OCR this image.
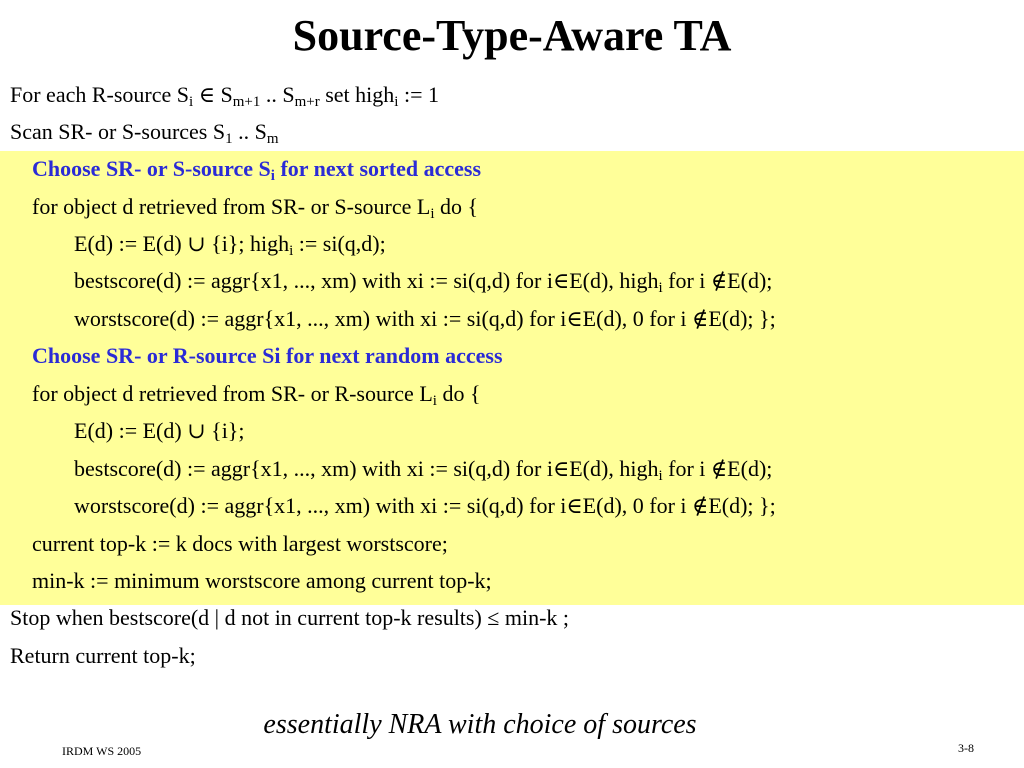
Source-Type-Aware TA
For each R-source $S_i$ ∈ $S_{m+1}$ .. $S_{m+r}$ set high$_i$ := 1
Scan SR- or S-sources $S_1$ .. $S_m$
Choose SR- or S-source $S_i$ for next sorted access
for object d retrieved from SR- or S-source $L_i$ do {
E(d) := E(d) ∪ {i}; high$_i$ := si(q,d);
bestscore(d) := aggr{x1, ..., xm) with xi := si(q,d) for i∈E(d), high$_i$ for i ∉E(d);
worstscore(d) := aggr{x1, ..., xm) with xi := si(q,d) for i∈E(d), 0 for i ∉E(d); };
Choose SR- or R-source Si for next random access
for object d retrieved from SR- or R-source $L_i$ do {
E(d) := E(d) ∪ {i};
bestscore(d) := aggr{x1, ..., xm) with xi := si(q,d) for i∈E(d), high$_i$ for i ∉E(d);
worstscore(d) := aggr{x1, ..., xm) with xi := si(q,d) for i∈E(d), 0 for i ∉E(d); };
current top-k := k docs with largest worstscore;
min-k := minimum worstscore among current top-k;
Stop when bestscore(d | d not in current top-k results) ≤ min-k ;
Return current top-k;
essentially NRA with choice of sources
IRDM WS 2005	3-8
